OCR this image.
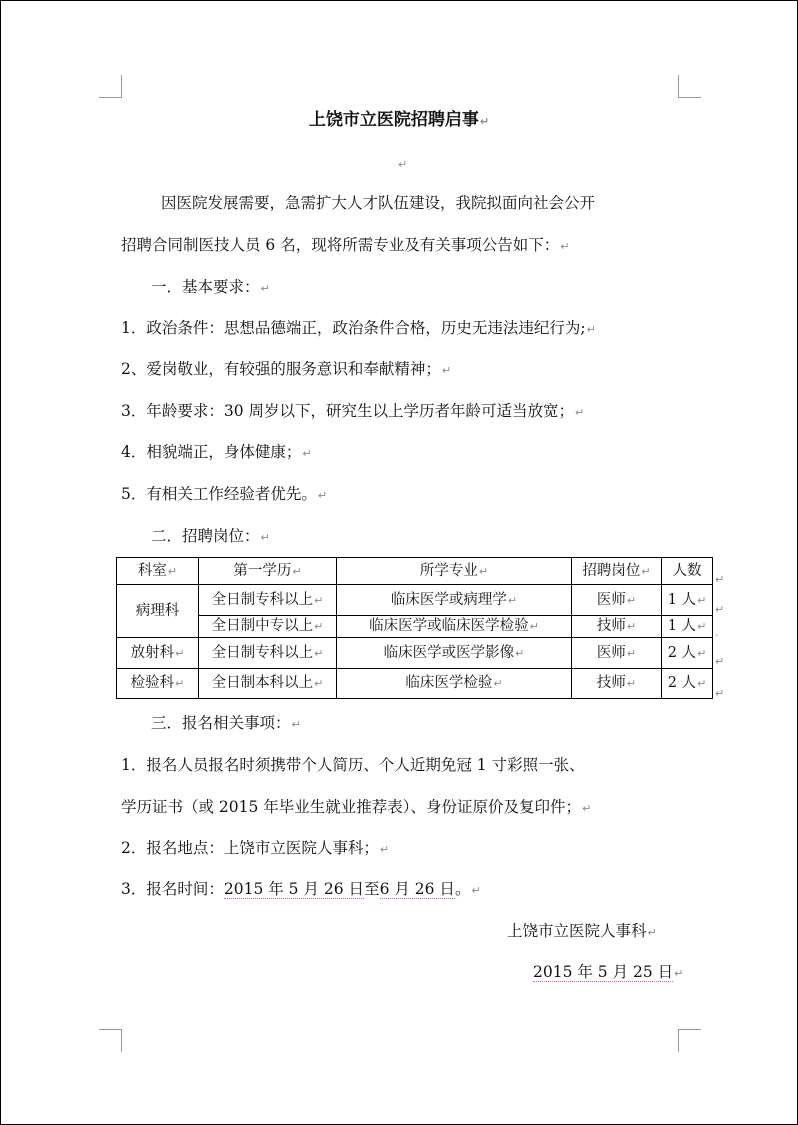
上饶市立医院招聘启事 ↵
↵
因医院发展需要，急需扩大人才队伍建设，我院拟面向社会公开
招聘合同制医技人员 6 名，现将所需专业及有关事项公告如下： ↵
一．基本要求： ↵
1．政治条件：思想品德端正，政治条件合格，历史无违法违纪行为; ↵
2、爱岗敬业，有较强的服务意识和奉献精神； ↵
3．年龄要求：30 周岁以下，研究生以上学历者年龄可适当放宽； ↵
4．相貌端正，身体健康； ↵
5．有相关工作经验者优先。 ↵
二．招聘岗位： ↵
科室 ↵	第一学历 ↵	所学专业 ↵	招聘岗位 ↵	人数
病理科	全日制专科以上 ↵	临床医学或病理学 ↵	医师 ↵	1 人 ↵
	全日制中专以上 ↵	临床医学或临床医学检验 ↵	技师 ↵	1 人 ↵
放射科 ↵	全日制专科以上 ↵	临床医学或医学影像 ↵	医师 ↵	2 人 ↵
检验科 ↵	全日制本科以上 ↵	临床医学检验 ↵	技师 ↵	2 人 ↵
↵
↵
·
↵
↵
三．报名相关事项： ↵
1．报名人员报名时须携带个人简历、个人近期免冠 1 寸彩照一张、
学历证书（或 2015 年毕业生就业推荐表）、身份证原价及复印件； ↵
2．报名地点：上饶市立医院人事科； ↵
3．报名时间：2015 年 5 月 26 日至6 月 26 日。 ↵
上饶市立医院人事科 ↵
2015 年 5 月 25 日 ↵
